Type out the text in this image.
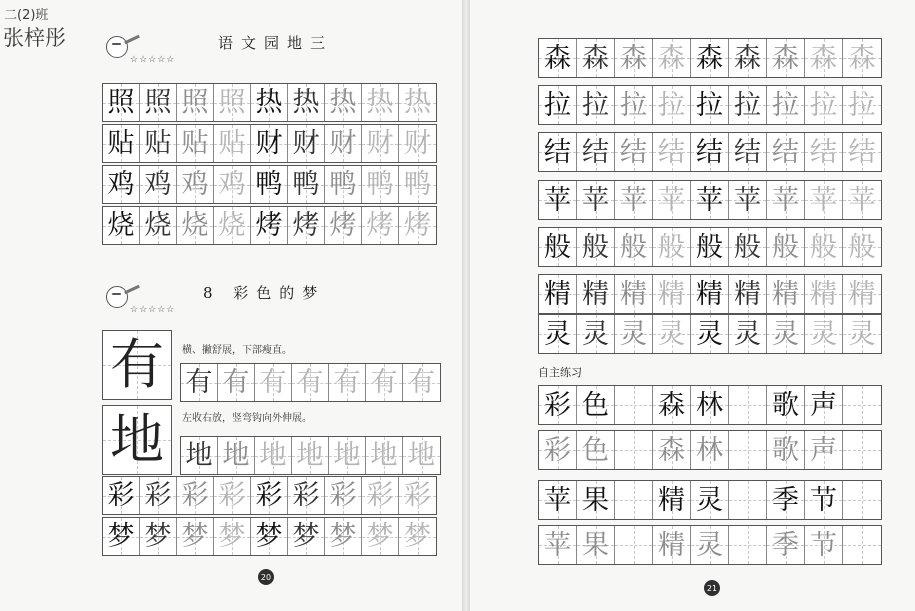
二(2)班
张梓彤
☆☆☆☆☆
语文园地三
☆☆☆☆☆
8 彩色的梦
有 横、撇舒展，下部瘦直。
地 左收右放，竖弯钩向外伸展。
自主练习
20
21
照 照 照 照 热 热 热 热 热
贴 贴 贴 贴 财 财 财 财 财
鸡 鸡 鸡 鸡 鸭 鸭 鸭 鸭 鸭
烧 烧 烧 烧 烤 烤 烤 烤 烤
有 有 有 有 有 有 有
地 地 地 地 地 地 地
彩 彩 彩 彩 彩 彩 彩 彩 彩
梦 梦 梦 梦 梦 梦 梦 梦 梦
森 森 森 森 森 森 森 森 森
拉 拉 拉 拉 拉 拉 拉 拉 拉
结 结 结 结 结 结 结 结 结
苹 苹 苹 苹 苹 苹 苹 苹 苹
般 般 般 般 般 般 般 般 般
精 精 精 精 精 精 精 精 精
灵 灵 灵 灵 灵 灵 灵 灵 灵
彩 色 森 林 歌 声
彩 色 森 林 歌 声
苹 果 精 灵 季 节
苹 果 精 灵 季 节
